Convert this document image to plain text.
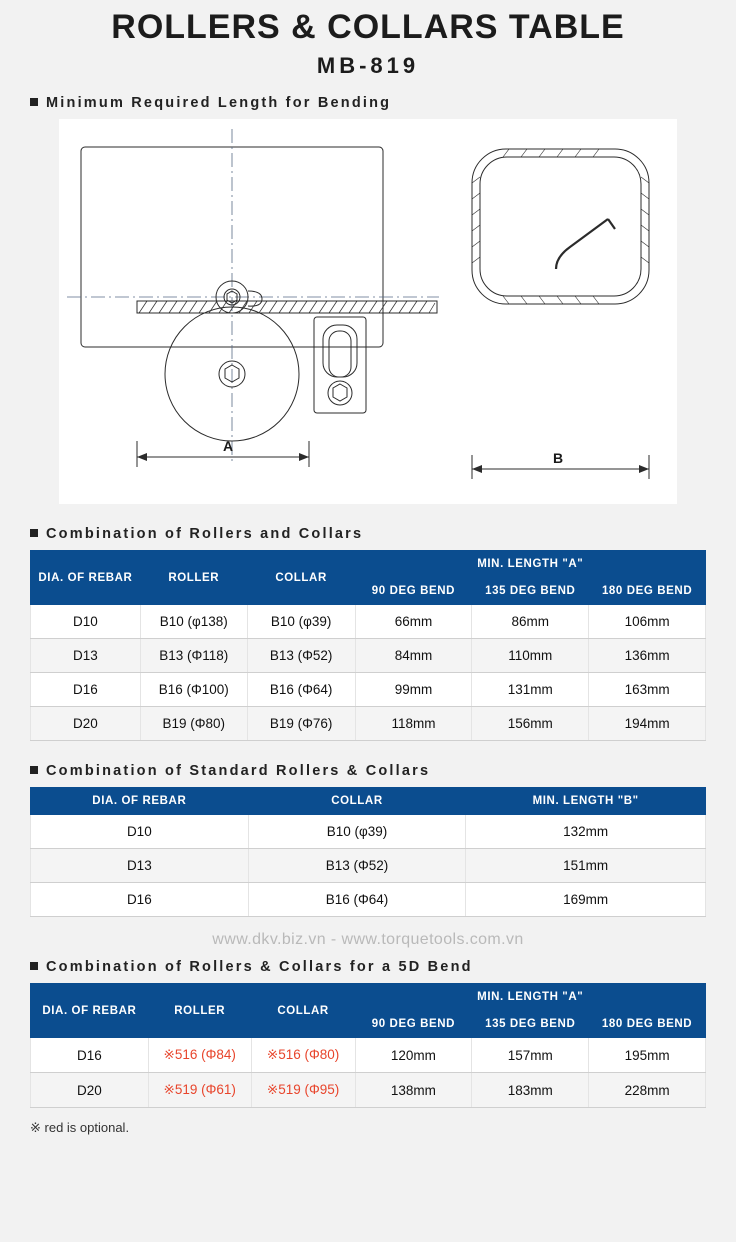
ROLLERS & COLLARS TABLE
MB-819
Minimum Required Length for Bending
A
B
Combination of Rollers and Collars
DIA. OF REBAR	ROLLER	COLLAR	MIN. LENGTH "A"		
			90 DEG BEND	135 DEG BEND	180 DEG BEND
D10	B10 (φ138)	B10 (φ39)	66mm	86mm	106mm
D13	B13 (Φ118)	B13 (Φ52)	84mm	110mm	136mm
D16	B16 (Φ100)	B16 (Φ64)	99mm	131mm	163mm
D20	B19 (Φ80)	B19 (Φ76)	118mm	156mm	194mm
Combination of Standard Rollers & Collars
DIA. OF REBAR	COLLAR	MIN. LENGTH "B"
D10	B10 (φ39)	132mm
D13	B13 (Φ52)	151mm
D16	B16 (Φ64)	169mm
www.dkv.biz.vn - www.torquetools.com.vn
Combination of Rollers & Collars for a 5D Bend
DIA. OF REBAR	ROLLER	COLLAR	MIN. LENGTH "A"		
			90 DEG BEND	135 DEG BEND	180 DEG BEND
D16	※516 (Φ84)	※516 (Φ80)	120mm	157mm	195mm
D20	※519 (Φ61)	※519 (Φ95)	138mm	183mm	228mm
※ red is optional.
